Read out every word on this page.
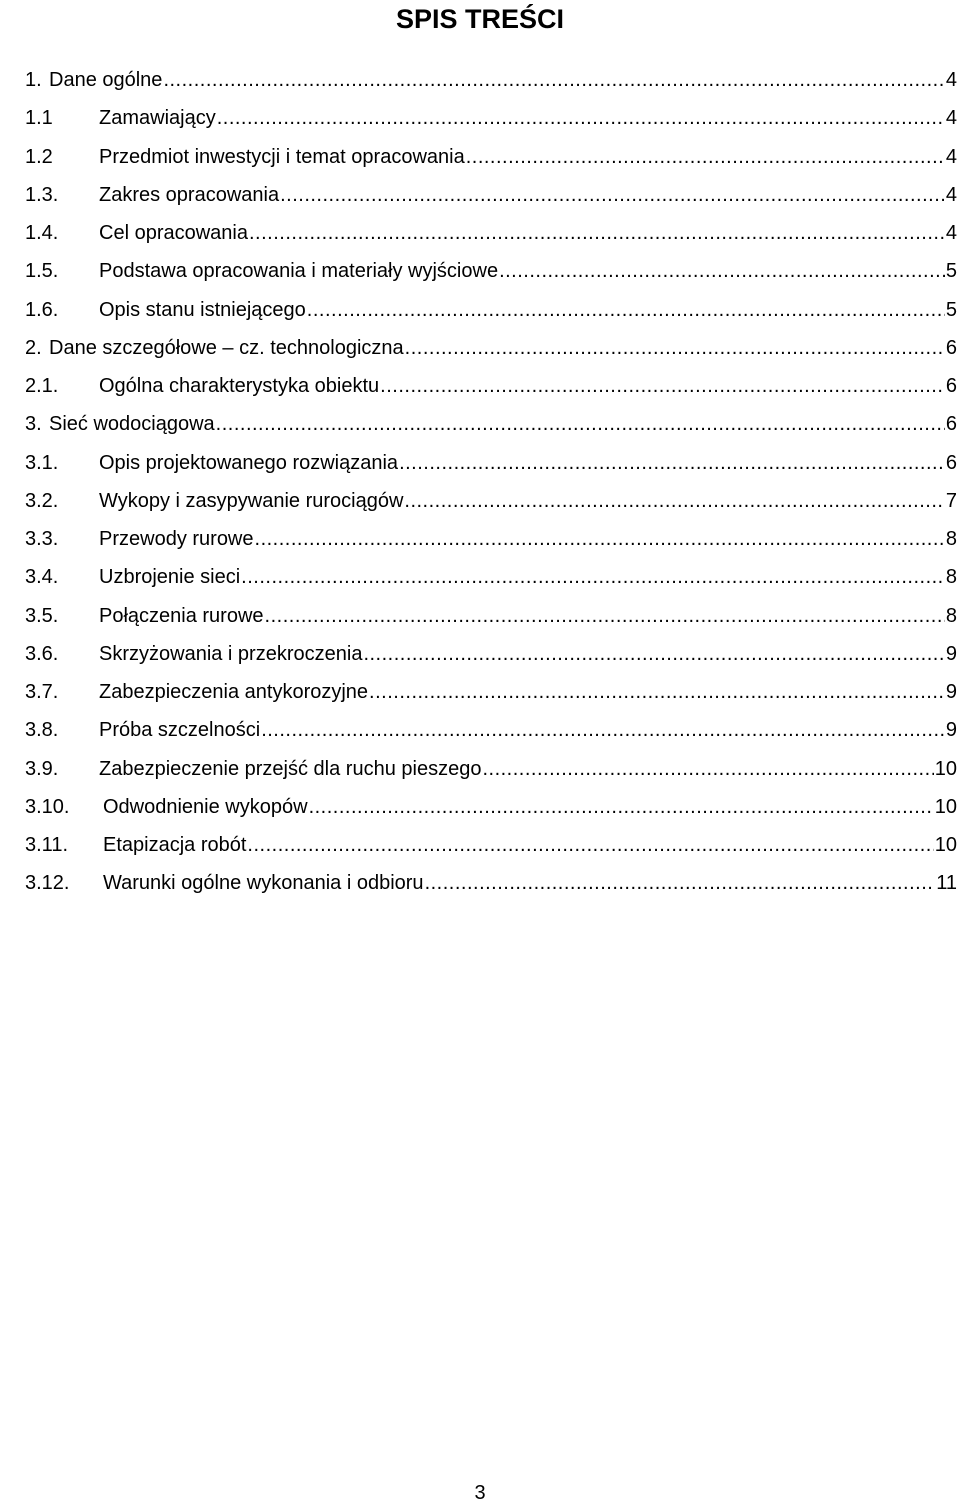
SPIS TREŚCI
1. Dane ogólne .....	4
1.1	Zamawiający .....	4
1.2	Przedmiot inwestycji i temat opracowania .....	4
1.3.	Zakres opracowania .....	4
1.4.	Cel opracowania .....	4
1.5.	Podstawa opracowania i materiały wyjściowe .....	5
1.6.	Opis stanu istniejącego .....	5
2. Dane szczegółowe – cz. technologiczna .....	6
2.1.	Ogólna charakterystyka obiektu .....	6
3. Sieć wodociągowa .....	6
3.1.	Opis projektowanego rozwiązania .....	6
3.2.	Wykopy i zasypywanie rurociągów .....	7
3.3.	Przewody rurowe .....	8
3.4.	Uzbrojenie sieci .....	8
3.5.	Połączenia rurowe .....	8
3.6.	Skrzyżowania i przekroczenia .....	9
3.7.	Zabezpieczenia antykorozyjne .....	9
3.8.	Próba szczelności .....	9
3.9.	Zabezpieczenie przejść dla ruchu pieszego .....	10
3.10.	Odwodnienie wykopów .....	10
3.11.	Etapizacja robót .....	10
3.12.	Warunki ogólne wykonania i odbioru .....	11
3
